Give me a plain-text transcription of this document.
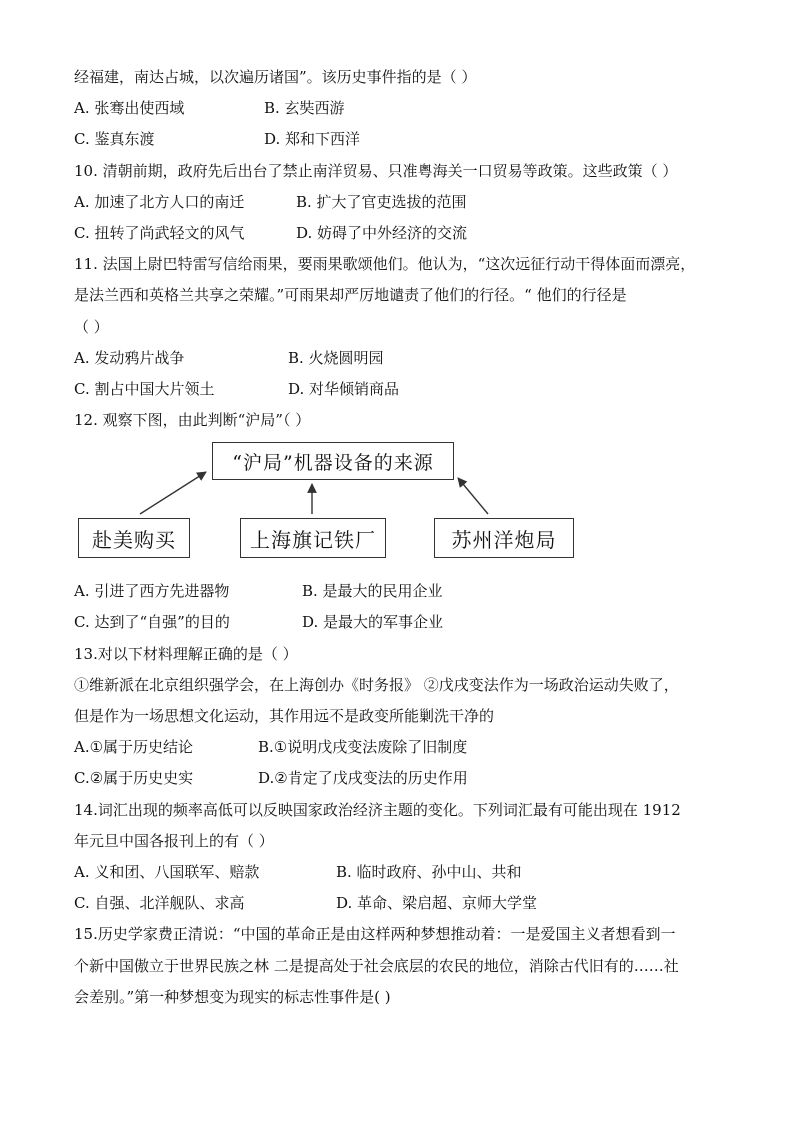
经福建，南达占城，以次遍历诸国”。该历史事件指的是（ ）
A. 张骞出使西域	B. 玄奘西游
C. 鉴真东渡	D. 郑和下西洋
10. 清朝前期，政府先后出台了禁止南洋贸易、只准粤海关一口贸易等政策。这些政策（ ）
A. 加速了北方人口的南迁	B. 扩大了官吏选拔的范围
C. 扭转了尚武轻文的风气	D. 妨碍了中外经济的交流
11. 法国上尉巴特雷写信给雨果，要雨果歌颂他们。他认为，“这次远征行动干得体面而漂亮，
是法兰西和英格兰共享之荣耀。”可雨果却严厉地谴责了他们的行径。“ 他们的行径是
（ ）
A. 发动鸦片战争	B. 火烧圆明园
C. 割占中国大片领土	D. 对华倾销商品
12. 观察下图，由此判断“沪局”（ ）
“沪局”机器设备的来源
赴美购买	上海旗记铁厂	苏州洋炮局
A. 引进了西方先进器物	B. 是最大的民用企业
C. 达到了“自强”的目的	D. 是最大的军事企业
13.对以下材料理解正确的是（ ）
①维新派在北京组织强学会，在上海创办《时务报》 ②戊戌变法作为一场政治运动失败了，
但是作为一场思想文化运动，其作用远不是政变所能剿洗干净的
A.①属于历史结论	B.①说明戊戌变法废除了旧制度
C.②属于历史史实	D.②肯定了戊戌变法的历史作用
14.词汇出现的频率高低可以反映国家政治经济主题的变化。下列词汇最有可能出现在 1912
年元旦中国各报刊上的有（ ）
A. 义和团、八国联军、赔款	B. 临时政府、孙中山、共和
C. 自强、北洋舰队、求高	D. 革命、梁启超、京师大学堂
15.历史学家费正清说：“中国的革命正是由这样两种梦想推动着：一是爱国主义者想看到一
个新中国傲立于世界民族之林 二是提高处于社会底层的农民的地位，消除古代旧有的……社
会差别。”第一种梦想变为现实的标志性事件是( )
